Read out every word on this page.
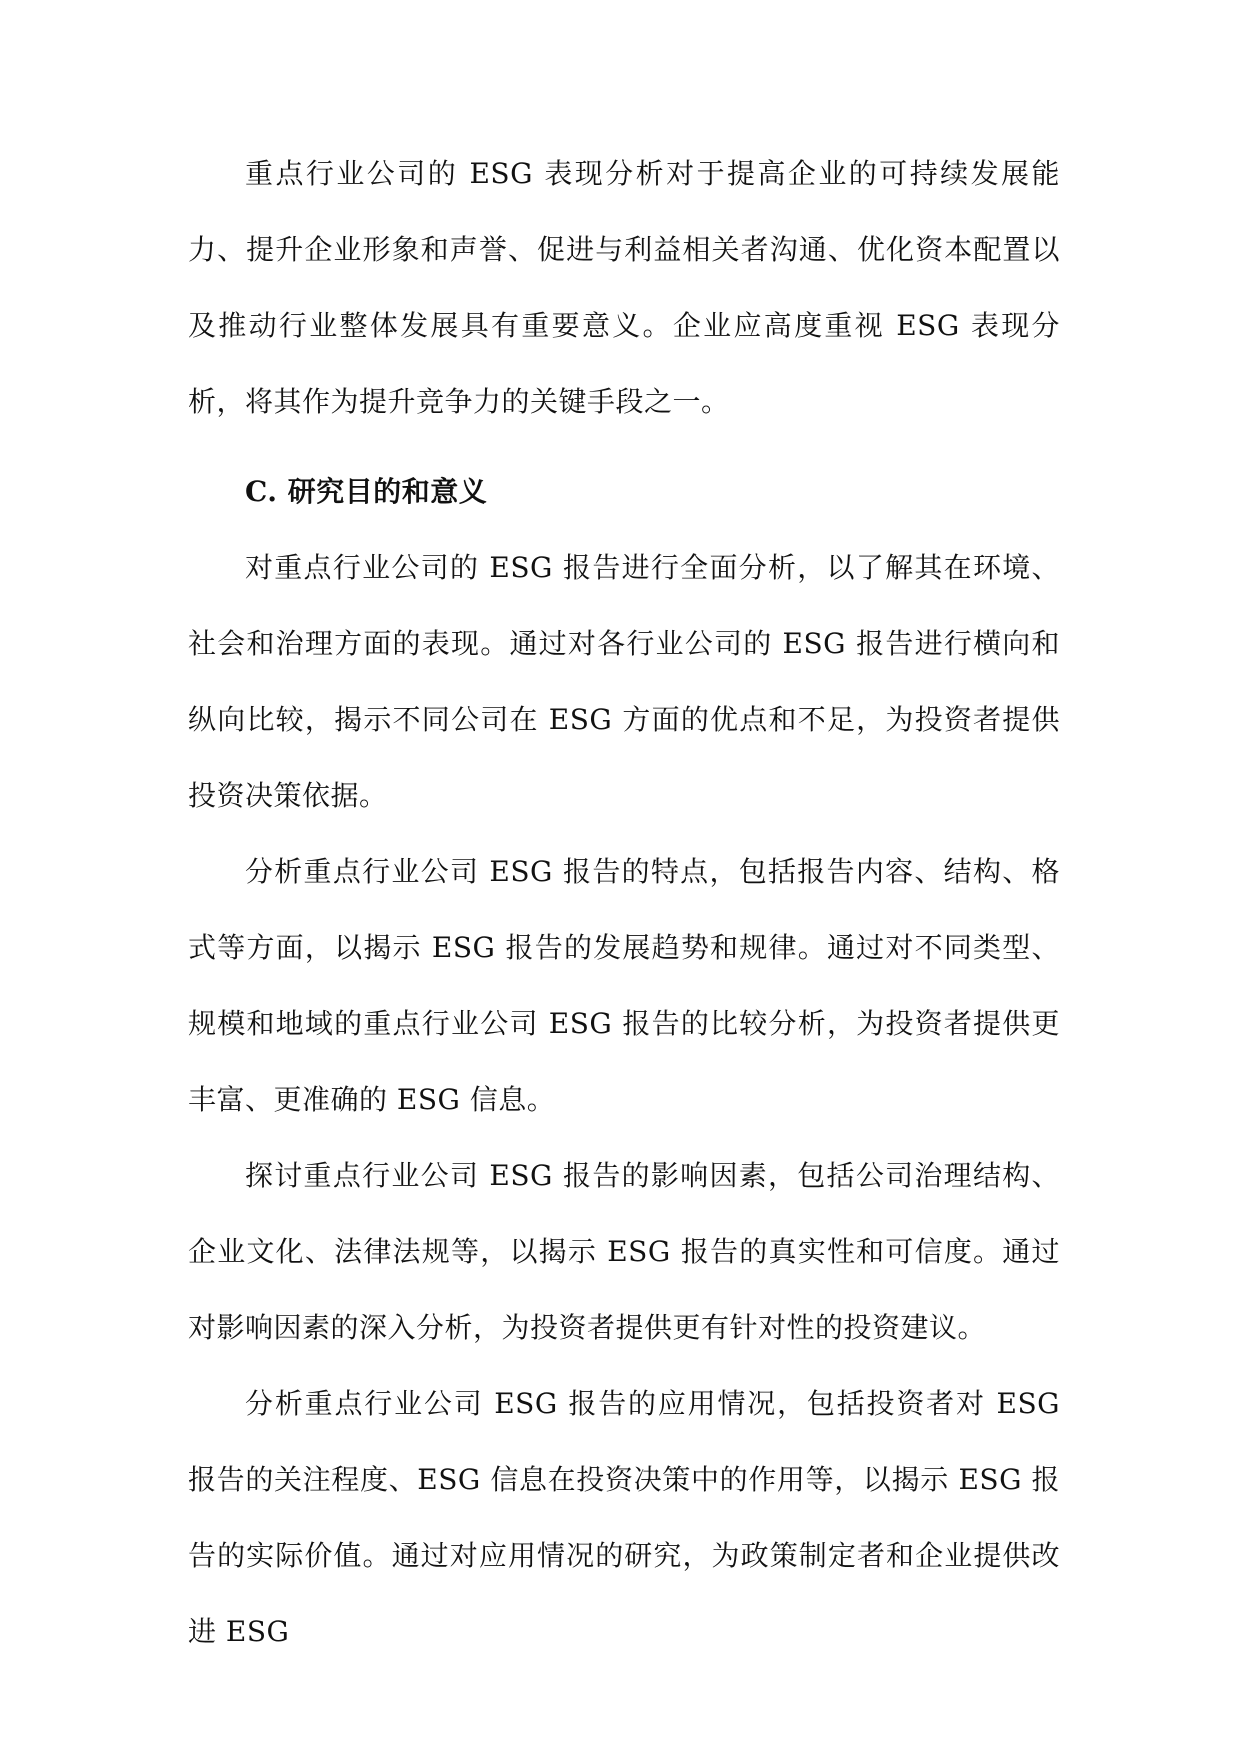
重点行业公司的 ESG 表现分析对于提高企业的可持续发展能力、提升企业形象和声誉、促进与利益相关者沟通、优化资本配置以及推动行业整体发展具有重要意义。企业应高度重视 ESG 表现分析，将其作为提升竞争力的关键手段之一。

C. 研究目的和意义

对重点行业公司的 ESG 报告进行全面分析，以了解其在环境、社会和治理方面的表现。通过对各行业公司的 ESG 报告进行横向和纵向比较，揭示不同公司在 ESG 方面的优点和不足，为投资者提供投资决策依据。

分析重点行业公司 ESG 报告的特点，包括报告内容、结构、格式等方面，以揭示 ESG 报告的发展趋势和规律。通过对不同类型、规模和地域的重点行业公司 ESG 报告的比较分析，为投资者提供更丰富、更准确的 ESG 信息。

探讨重点行业公司 ESG 报告的影响因素，包括公司治理结构、企业文化、法律法规等，以揭示 ESG 报告的真实性和可信度。通过对影响因素的深入分析，为投资者提供更有针对性的投资建议。

分析重点行业公司 ESG 报告的应用情况，包括投资者对 ESG 报告的关注程度、ESG 信息在投资决策中的作用等，以揭示 ESG 报告的实际价值。通过对应用情况的研究，为政策制定者和企业提供改进 ESG
